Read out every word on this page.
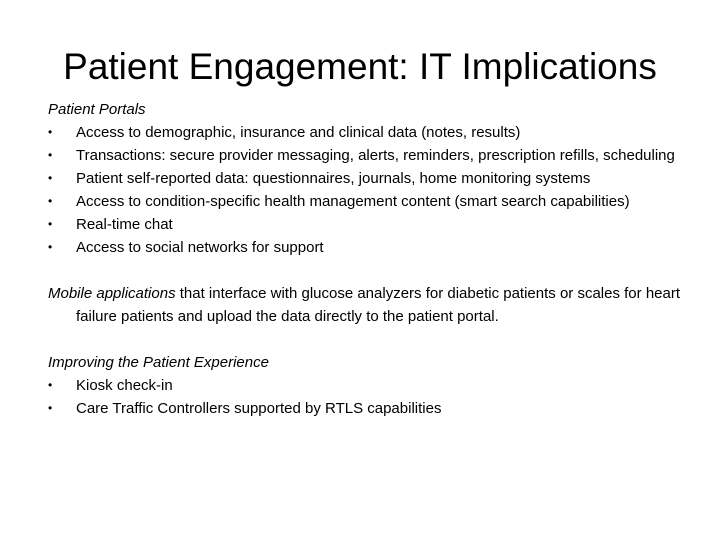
Patient Engagement: IT Implications

Patient Portals

•	Access to demographic, insurance and clinical data (notes, results)
•	Transactions: secure provider messaging, alerts, reminders, prescription refills, scheduling
•	Patient self-reported data: questionnaires, journals, home monitoring systems
•	Access to condition-specific health management content (smart search capabilities)
•	Real-time chat
•	Access to social networks for support

Mobile applications that interface with glucose analyzers for diabetic patients or scales for heart failure patients and upload the data directly to the patient portal.

Improving the Patient Experience

•	Kiosk check-in
•	Care Traffic Controllers supported by RTLS capabilities
